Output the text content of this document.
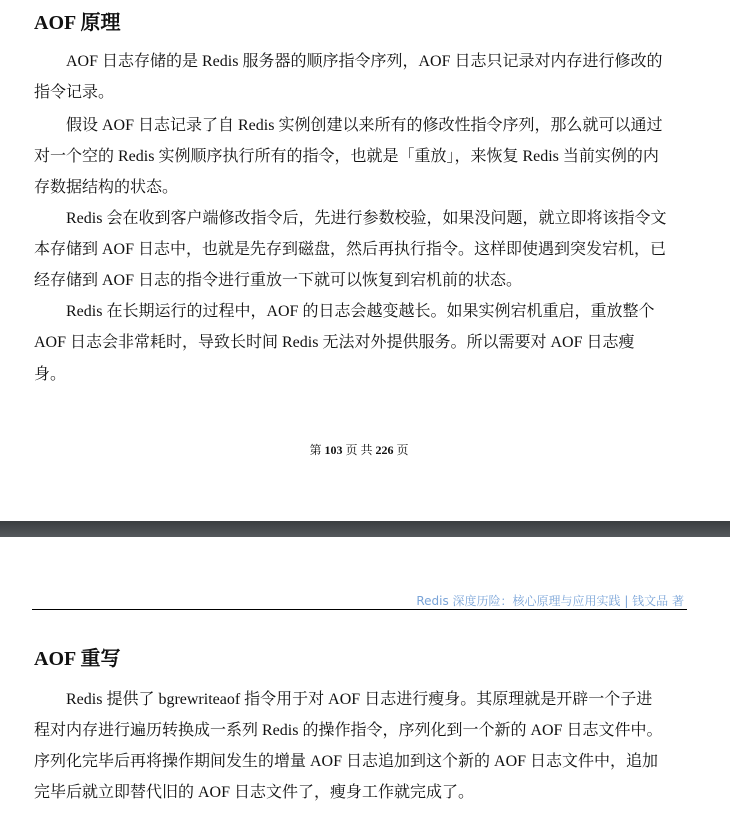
AOF 原理
AOF 日志存储的是 Redis 服务器的顺序指令序列，AOF 日志只记录对内存进行修改的
指令记录。
假设 AOF 日志记录了自 Redis 实例创建以来所有的修改性指令序列，那么就可以通过
对一个空的 Redis 实例顺序执行所有的指令，也就是「重放」，来恢复 Redis 当前实例的内
存数据结构的状态。
Redis 会在收到客户端修改指令后，先进行参数校验，如果没问题，就立即将该指令文
本存储到 AOF 日志中，也就是先存到磁盘，然后再执行指令。这样即使遇到突发宕机，已
经存储到 AOF 日志的指令进行重放一下就可以恢复到宕机前的状态。
Redis 在长期运行的过程中，AOF 的日志会越变越长。如果实例宕机重启，重放整个
AOF 日志会非常耗时，导致长时间 Redis 无法对外提供服务。所以需要对 AOF 日志瘦
身。
第 103 页 共 226 页
Redis 深度历险：核心原理与应用实践 | 钱文品 著
AOF 重写
Redis 提供了 bgrewriteaof 指令用于对 AOF 日志进行瘦身。其原理就是开辟一个子进
程对内存进行遍历转换成一系列 Redis 的操作指令，序列化到一个新的 AOF 日志文件中。
序列化完毕后再将操作期间发生的增量 AOF 日志追加到这个新的 AOF 日志文件中，追加
完毕后就立即替代旧的 AOF 日志文件了，瘦身工作就完成了。
